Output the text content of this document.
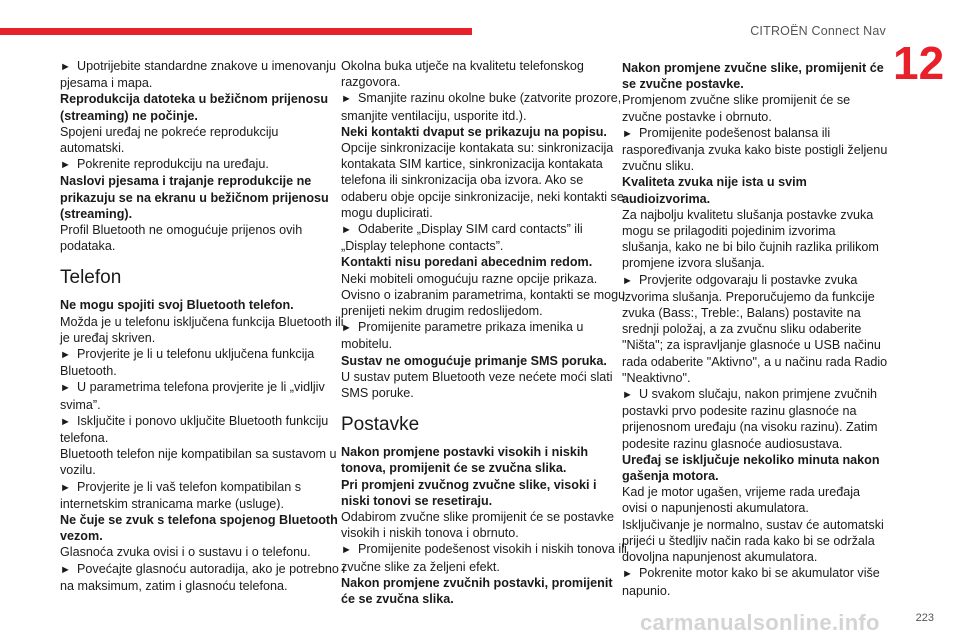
CITROËN Connect Nav
12
►  Upotrijebite standardne znakove u imenovanju pjesama i mapa.
Reprodukcija datoteka u bežičnom prijenosu (streaming) ne počinje.
Spojeni uređaj ne pokreće reprodukciju automatski.
►  Pokrenite reprodukciju na uređaju.
Naslovi pjesama i trajanje reprodukcije ne prikazuju se na ekranu u bežičnom prijenosu (streaming).
Profil Bluetooth ne omogućuje prijenos ovih podataka.
Telefon
Ne mogu spojiti svoj Bluetooth telefon.
Možda je u telefonu isključena funkcija Bluetooth ili je uređaj skriven.
►  Provjerite je li u telefonu uključena funkcija Bluetooth.
►  U parametrima telefona provjerite je li „vidljiv svima”.
►  Isključite i ponovo uključite Bluetooth funkciju telefona.
Bluetooth telefon nije kompatibilan sa sustavom u vozilu.
►  Provjerite je li vaš telefon kompatibilan s internetskim stranicama marke (usluge).
Ne čuje se zvuk s telefona spojenog Bluetooth vezom.
Glasnoća zvuka ovisi i o sustavu i o telefonu.
►  Povećajte glasnoću autoradija, ako je potrebno i na maksimum, zatim i glasnoću telefona.
Okolna buka utječe na kvalitetu telefonskog razgovora.
►  Smanjite razinu okolne buke (zatvorite prozore, smanjite ventilaciju, usporite itd.).
Neki kontakti dvaput se prikazuju na popisu.
Opcije sinkronizacije kontakata su: sinkronizacija kontakata SIM kartice, sinkronizacija kontakata telefona ili sinkronizacija oba izvora. Ako se odaberu obje opcije sinkronizacije, neki kontakti se mogu duplicirati.
►  Odaberite „Display SIM card contacts” ili „Display telephone contacts”.
Kontakti nisu poredani abecednim redom.
Neki mobiteli omogućuju razne opcije prikaza. Ovisno o izabranim parametrima, kontakti se mogu prenijeti nekim drugim redoslijedom.
►  Promijenite parametre prikaza imenika u mobitelu.
Sustav ne omogućuje primanje SMS poruka.
U sustav putem Bluetooth veze nećete moći slati SMS poruke.
Postavke
Nakon promjene postavki visokih i niskih tonova, promijenit će se zvučna slika.
Pri promjeni zvučnog zvučne slike, visoki i niski tonovi se resetiraju.
Odabirom zvučne slike promijenit će se postavke visokih i niskih tonova i obrnuto.
►  Promijenite podešenost visokih i niskih tonova ili zvučne slike za željeni efekt.
Nakon promjene zvučnih postavki, promijenit će se zvučna slika.
Nakon promjene zvučne slike, promijenit će se zvučne postavke.
Promjenom zvučne slike promijenit će se zvučne postavke i obrnuto.
►  Promijenite podešenost balansa ili raspoređivanja zvuka kako biste postigli željenu zvučnu sliku.
Kvaliteta zvuka nije ista u svim audioizvorima.
Za najbolju kvalitetu slušanja postavke zvuka mogu se prilagoditi pojedinim izvorima slušanja, kako ne bi bilo čujnih razlika prilikom promjene izvora slušanja.
►  Provjerite odgovaraju li postavke zvuka izvorima slušanja. Preporučujemo da funkcije zvuka (Bass:, Treble:, Balans) postavite na srednji položaj, a za zvučnu sliku odaberite "Ništa"; za ispravljanje glasnoće u USB načinu rada odaberite "Aktivno", a u načinu rada Radio "Neaktivno".
►  U svakom slučaju, nakon primjene zvučnih postavki prvo podesite razinu glasnoće na prijenosnom uređaju (na visoku razinu). Zatim podesite razinu glasnoće audiosustava.
Uređaj se isključuje nekoliko minuta nakon gašenja motora.
Kad je motor ugašen, vrijeme rada uređaja ovisi o napunjenosti akumulatora.
Isključivanje je normalno, sustav će automatski prijeći u štedljiv način rada kako bi se održala dovoljna napunjenost akumulatora.
►  Pokrenite motor kako bi se akumulator više napunio.
carmanualsonline.info	223
